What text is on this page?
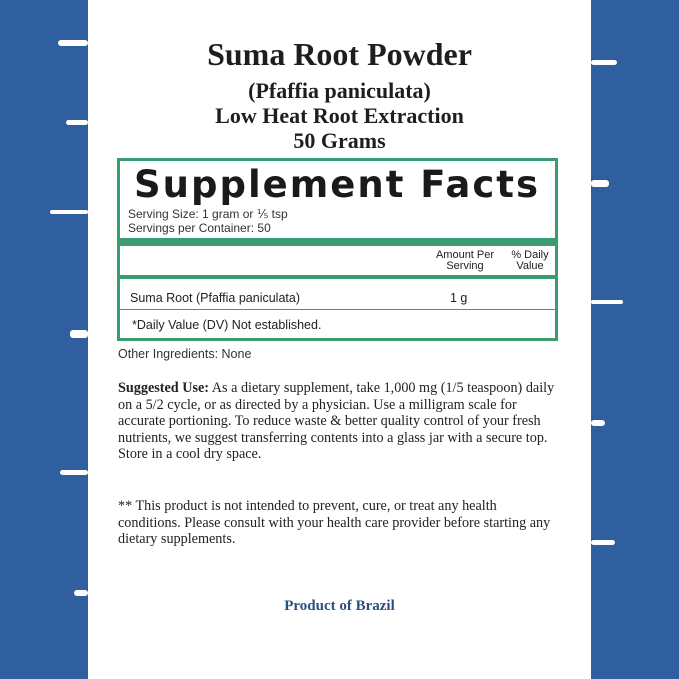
Suma Root Powder
(Pfaffia paniculata)
Low Heat Root Extraction
50 Grams
Supplement Facts
Serving Size: 1 gram or ⅕ tsp
Servings per Container: 50
Amount Per Serving
% Daily Value
Suma Root (Pfaffia paniculata)	1 g
*Daily Value (DV) Not established.
Other Ingredients: None
Suggested Use: As a dietary supplement, take 1,000 mg (1/5 teaspoon) daily on a 5/2 cycle, or as directed by a physician. Use a milligram scale for accurate portioning. To reduce waste & better quality control of your fresh nutrients, we suggest transferring contents into a glass jar with a secure top. Store in a cool dry space.
** This product is not intended to prevent, cure, or treat any health conditions. Please consult with your health care provider before starting any dietary supplements.
Product of Brazil
